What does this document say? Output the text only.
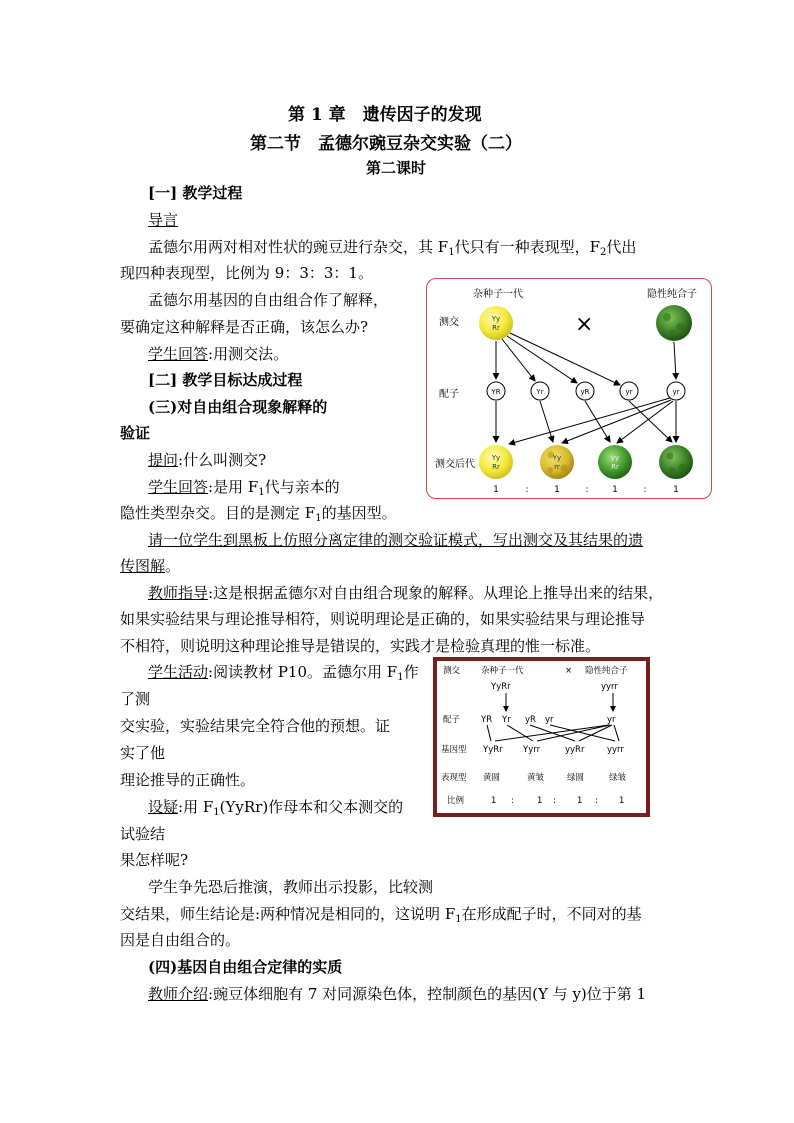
第 1 章　遗传因子的发现
第二节　孟德尔豌豆杂交实验（二）
第二课时
[一] 教学过程
导言
孟德尔用两对相对性状的豌豆进行杂交，其 $F_1$代只有一种表现型，$F_2$代出
现四种表现型，比例为 9：3：3：1。
孟德尔用基因的自由组合作了解释，
要确定这种解释是否正确，该怎么办?
学生回答:用测交法。
[二] 教学目标达成过程
(三)对自由组合现象解释的
验证
提问:什么叫测交?
学生回答:是用 $F_1$代与亲本的
隐性类型杂交。目的是测定 $F_1$的基因型。
请一位学生到黑板上仿照分离定律的测交验证模式，写出测交及其结果的遗
传图解。
教师指导:这是根据孟德尔对自由组合现象的解释。从理论上推导出来的结果，
如果实验结果与理论推导相符，则说明理论是正确的，如果实验结果与理论推导
不相符，则说明这种理论推导是错误的，实践才是检验真理的惟一标准。
学生活动:阅读教材 P10。孟德尔用 $F_1$作
了测
交实验，实验结果完全符合他的预想。证
实了他
理论推导的正确性。
设疑:用 $F_1(YyRr)$作母本和父本测交的
试验结
果怎样呢?
学生争先恐后推演，教师出示投影，比较测
交结果，师生结论是:两种情况是相同的，这说明 $F_1$在形成配子时，不同对的基
因是自由组合的。
(四)基因自由组合定律的实质
教师介绍:豌豆体细胞有 7 对同源染色体，控制颜色的基因(Y 与 y)位于第 1
杂种子一代	隐性纯合子
测交	×
配子
测交后代
Yy
Rr
YR	Yr	yR	yr	yr
Yy
Rr
Yy
rr
yy
Rr
1	:	1	:	1	:	1
测交 杂种子一代	× 隐性纯合子
YyRr	yyrr
配子 YR Yr yR yr	yr
基因型 YyRr Yyrr	yyRr	yyrr
表现型 黄圆	黄皱	绿圆	绿皱
比例	1 :	1 : 1 : 1
